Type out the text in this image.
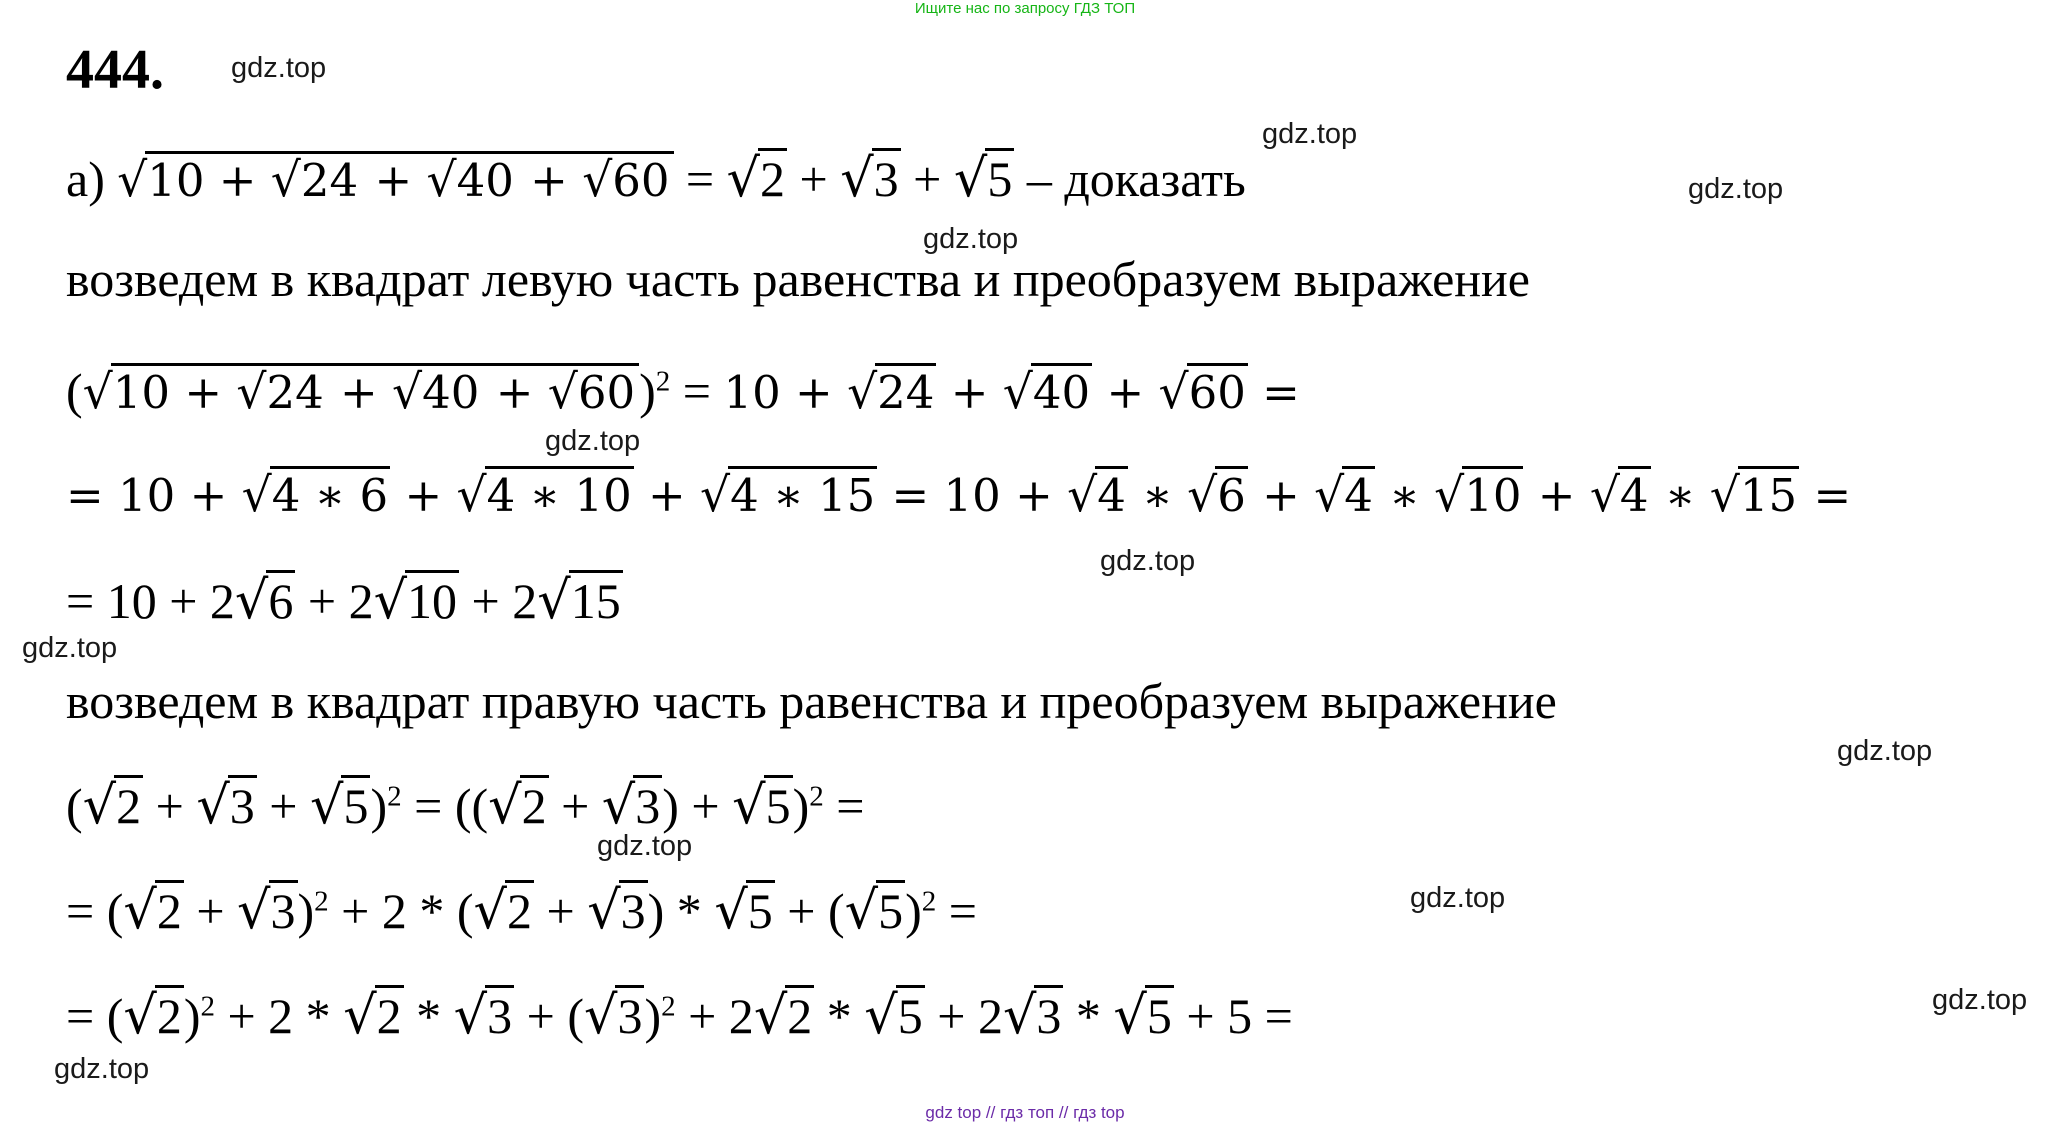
Ищите нас по запросу ГДЗ ТОП
444. gdz.top
gdz.top
gdz.top
gdz.top
gdz.top
gdz.top
gdz.top
gdz.top
gdz.top
gdz.top
gdz.top
gdz.top
а) √10 + √24 + √40 + √60 = √2 + √3 + √5 – доказать
возведем в квадрат левую часть равенства и преобразуем выражение
$(√10 + √24 + √40 + √60)^2 = 10 + √24 + √40 + √60$ =
= 10 + √4 ∗ 6 + √4 ∗ 10 + √4 ∗ 15 = 10 + √4 ∗ √6 + √4 ∗ √10 + √4 ∗ √15 =
= 10 + 2√6 + 2√10 + 2√15
возведем в квадрат правую часть равенства и преобразуем выражение
$(√2 + √3 + √5)^2 = ((√2 + √3) + √5)^2$ =
= $(√2 + √3)^2 + 2 * (√2 + √3) * √5 + (√5)^2$ =
= $(√2)^2 + 2 * √2 * √3 + (√3)^2 + 2√2 * √5 + 2√3 * √5 + 5$ =
gdz top // гдз топ // гдз top
